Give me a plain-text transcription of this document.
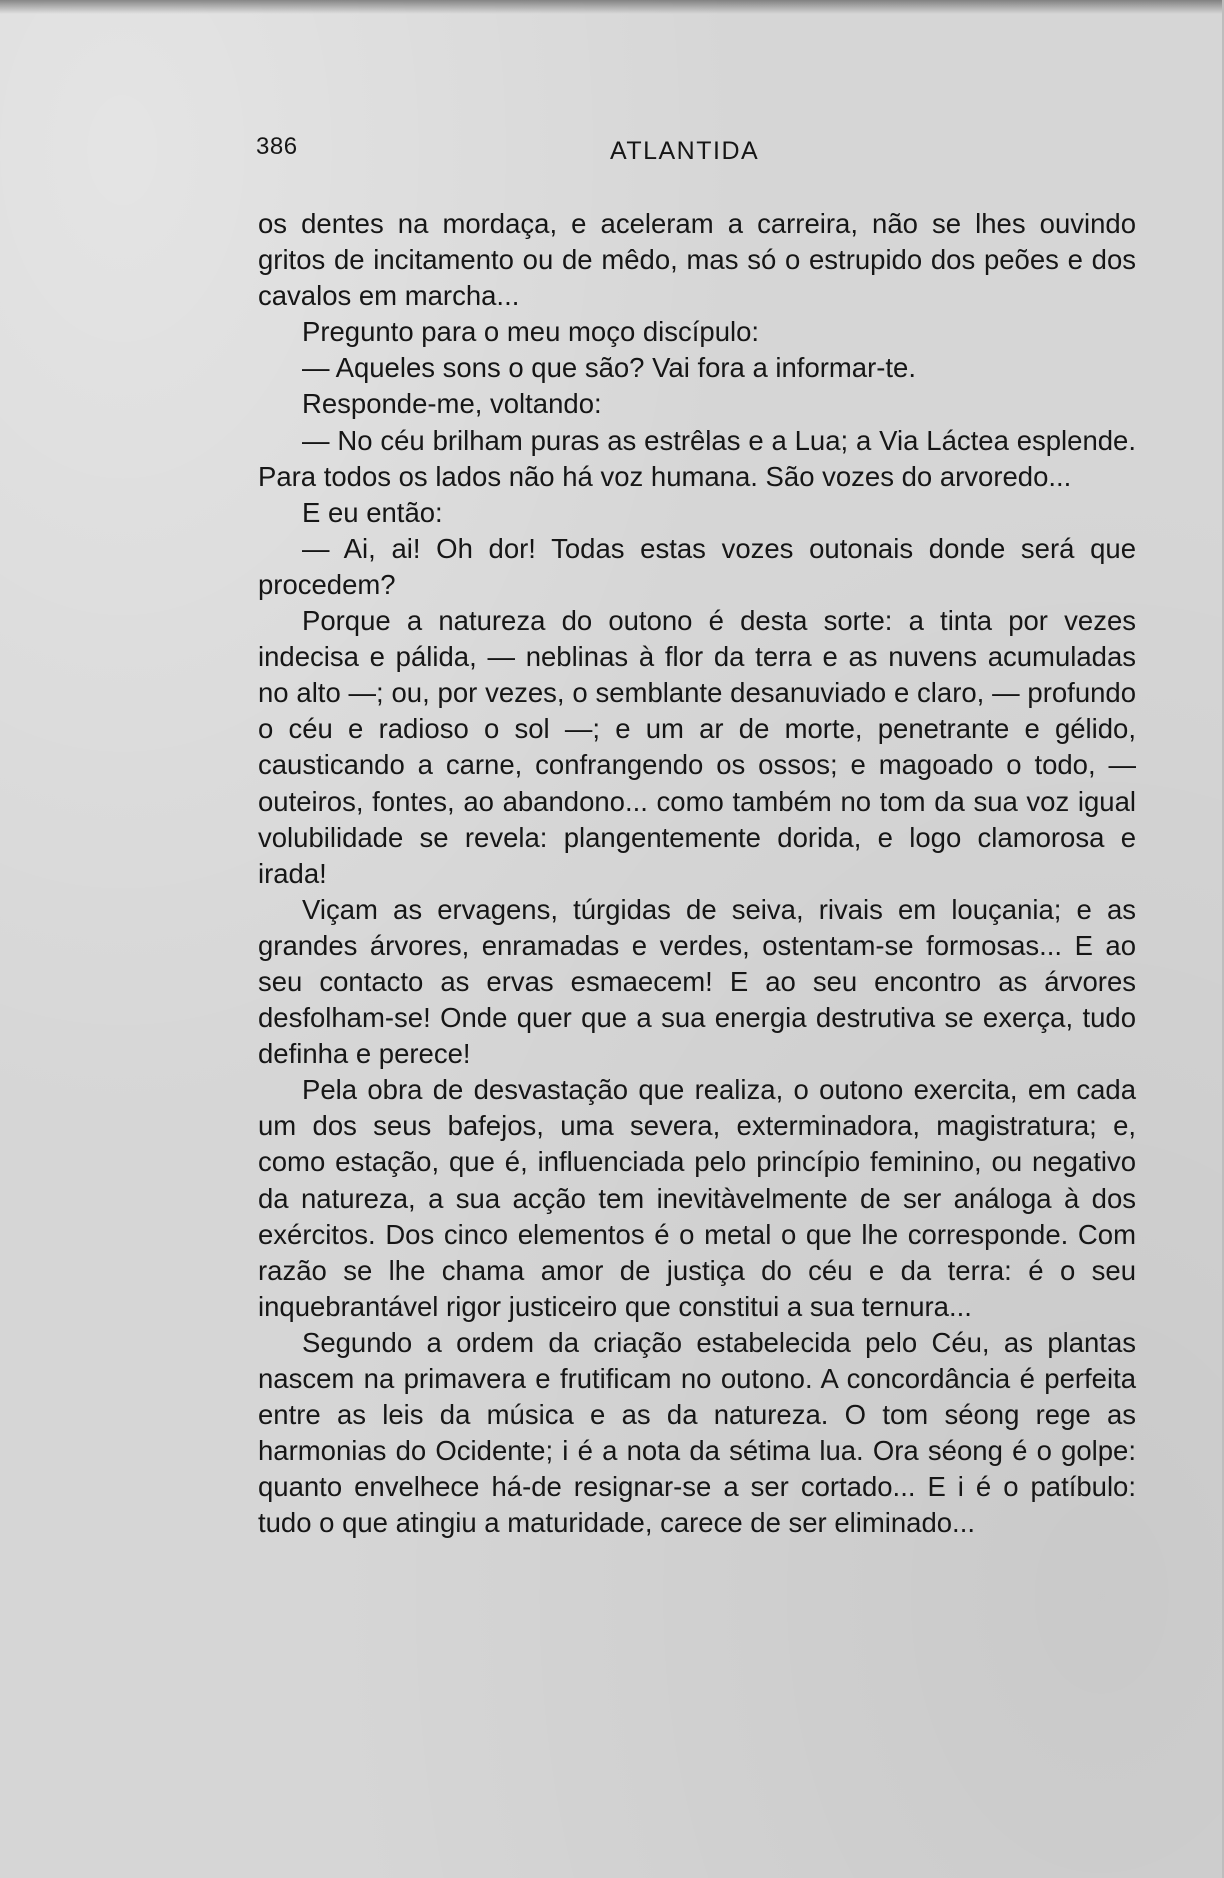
386	ATLANTIDA

os dentes na mordaça, e aceleram a carreira, não se lhes ouvindo gritos de incitamento ou de mêdo, mas só o estrupido dos peões e dos cavalos em marcha...

Pregunto para o meu moço discípulo:

— Aqueles sons o que são? Vai fora a informar-te.

Responde-me, voltando:

— No céu brilham puras as estrêlas e a Lua; a Via Láctea esplende. Para todos os lados não há voz humana. São vozes do arvoredo...

E eu então:

— Ai, ai! Oh dor! Todas estas vozes outonais donde será que procedem?

Porque a natureza do outono é desta sorte: a tinta por vezes indecisa e pálida, — neblinas à flor da terra e as nuvens acumuladas no alto —; ou, por vezes, o semblante desanuviado e claro, — profundo o céu e radioso o sol —; e um ar de morte, penetrante e gélido, causticando a carne, confrangendo os ossos; e magoado o todo, — outeiros, fontes, ao abandono... como também no tom da sua voz igual volubilidade se revela: plangentemente dorida, e logo clamorosa e irada!

Viçam as ervagens, túrgidas de seiva, rivais em louçania; e as grandes árvores, enramadas e verdes, ostentam-se formosas... E ao seu contacto as ervas esmaecem! E ao seu encontro as árvores desfolham-se! Onde quer que a sua energia destrutiva se exerça, tudo definha e perece!

Pela obra de desvastação que realiza, o outono exercita, em cada um dos seus bafejos, uma severa, exterminadora, magistratura; e, como estação, que é, influenciada pelo princípio feminino, ou negativo da natureza, a sua acção tem inevitàvelmente de ser análoga à dos exércitos. Dos cinco elementos é o metal o que lhe corresponde. Com razão se lhe chama amor de justiça do céu e da terra: é o seu inquebrantável rigor justiceiro que constitui a sua ternura...

Segundo a ordem da criação estabelecida pelo Céu, as plantas nascem na primavera e frutificam no outono. A concordância é perfeita entre as leis da música e as da natureza. O tom séong rege as harmonias do Ocidente; i é a nota da sétima lua. Ora séong é o golpe: quanto envelhece há-de resignar-se a ser cortado... E i é o patíbulo: tudo o que atingiu a maturidade, carece de ser eliminado...
